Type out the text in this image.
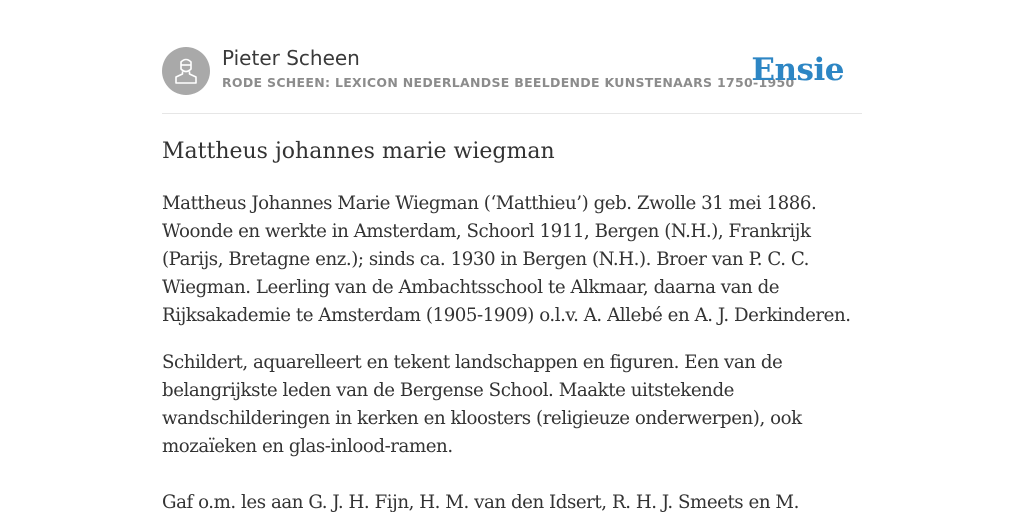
Pieter Scheen
RODE SCHEEN: LEXICON NEDERLANDSE BEELDENDE KUNSTENAARS 1750-1950
Ensie
Mattheus johannes marie wiegman

Mattheus Johannes Marie Wiegman (‘Matthieu’) geb. Zwolle 31 mei 1886. Woonde en werkte in Amsterdam, Schoorl 1911, Bergen (N.H.), Frankrijk (Parijs, Bretagne enz.); sinds ca. 1930 in Bergen (N.H.). Broer van P. C. C. Wiegman. Leerling van de Ambachtsschool te Alkmaar, daarna van de Rijksakademie te Amsterdam (1905-1909) o.l.v. A. Allebé en A. J. Derkinderen.

Schildert, aquarelleert en tekent landschappen en figuren. Een van de belangrijkste leden van de Bergense School. Maakte uitstekende wandschilderingen in kerken en kloosters (religieuze onderwerpen), ook mozaïeken en glas-inlood-ramen.

Gaf o.m. les aan G. J. H. Fijn, H. M. van den Idsert, R. H. J. Smeets en M.
